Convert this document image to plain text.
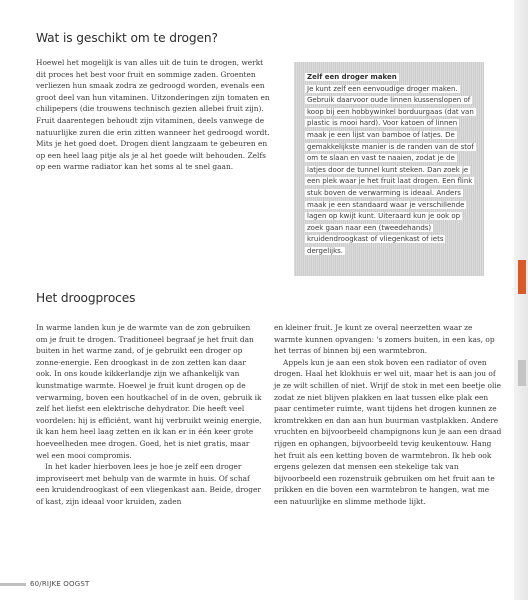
Wat is geschikt om te drogen?

Hoewel het mogelijk is van alles uit de tuin te drogen, werkt dit proces het best voor fruit en sommige zaden. Groenten verliezen hun smaak zodra ze gedroogd worden, evenals een groot deel van hun vitaminen. Uitzonderingen zijn tomaten en chilipepers (die trouwens technisch gezien allebei fruit zijn). Fruit daarentegen behoudt zijn vitaminen, deels vanwege de natuurlijke zuren die erin zitten wanneer het gedroogd wordt. Mits je het goed doet. Drogen dient langzaam te gebeuren en op een heel laag pitje als je al het goede wilt behouden. Zelfs op een warme radiator kan het soms al te snel gaan.

Zelf een droger maken
Je kunt zelf een eenvoudige droger maken. Gebruik daarvoor oude linnen kussenslopen of koop bij een hobbywinkel borduurgaas (dat van plastic is mooi hard). Voor katoen of linnen maak je een lijst van bamboe of latjes. De gemakkelijkste manier is de randen van de stof om te slaan en vast te naaien, zodat je de latjes door de tunnel kunt steken. Dan zoek je een plek waar je het fruit laat drogen. Een flink stuk boven de verwarming is ideaal. Anders maak je een standaard waar je verschillende lagen op kwijt kunt. Uiteraard kun je ook op zoek gaan naar een (tweedehands) kruidendroogkast of vliegenkast of iets dergelijks.
Het droogproces
In warme landen kun je de warmte van de zon gebruiken om je fruit te drogen. Traditioneel begraaf je het fruit dan buiten in het warme zand, of je gebruikt een droger op zonne-energie. Een droogkast in de zon zetten kan daar ook. In ons koude kikkerlandje zijn we afhankelijk van kunstmatige warmte. Hoewel je fruit kunt drogen op de verwarming, boven een houtkachel of in de oven, gebruik ik zelf het liefst een elektrische dehydrator. Die heeft veel voordelen: hij is efficiënt, want hij verbruikt weinig energie, ik kan hem heel laag zetten en ik kan er in één keer grote hoeveelheden mee drogen. Goed, het is niet gratis, maar wel een mooi compromis.
In het kader hierboven lees je hoe je zelf een droger improviseert met behulp van de warmte in huis. Of schaf een kruidendroogkast of een vliegenkast aan. Beide, droger of kast, zijn ideaal voor kruiden, zaden
en kleiner fruit. Je kunt ze overal neerzetten waar ze warmte kunnen opvangen: 's zomers buiten, in een kas, op het terras of binnen bij een warmtebron.
Appels kun je aan een stok boven een radiator of oven drogen. Haal het klokhuis er wel uit, maar het is aan jou of je ze wilt schillen of niet. Wrijf de stok in met een beetje olie zodat ze niet blijven plakken en laat tussen elke plak een paar centimeter ruimte, want tijdens het drogen kunnen ze kromtrekken en dan aan hun buurman vastplakken. Andere vruchten en bijvoorbeeld champignons kun je aan een draad rijgen en ophangen, bijvoorbeeld tevig keukentouw. Hang het fruit als een ketting boven de warmtebron. Ik heb ook ergens gelezen dat mensen een stekelige tak van bijvoorbeeld een rozenstruik gebruiken om het fruit aan te prikken en die boven een warmtebron te hangen, wat me een natuurlijke en slimme methode lijkt.
60/RIJKE OOGST
